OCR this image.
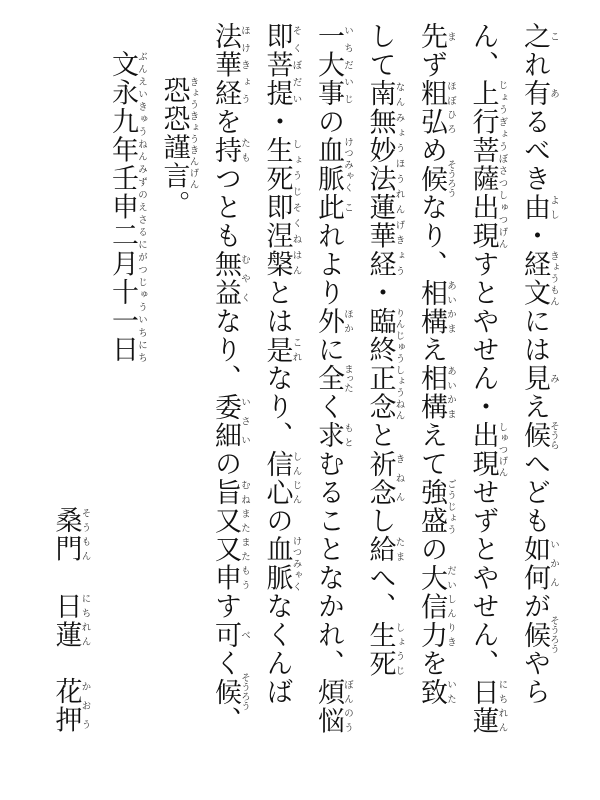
之これ有あるべき由よし・経文きょうもんには見みえ候そうらへども如何いかんが候そうろうやら
ん、上行菩薩出現じょうぎょうぼさつしゅつげんすとやせん・出現しゅつげんせずとやせん、日蓮にちれん
先まず粗弘ほぼひろめ候そうろうなり、相構あいかまえ相構あいかまえて強盛ごうじょうの大信力だいしんりきを致いた
して南無妙法蓮華経なんみょうほうれんげきょう・臨終正念りんじゅうしょうねんと祈念きねんし給たまへ、生死しょうじ
一大事いちだいじの血脈けつみゃく此これより外ほかに全まったく求もとむることなかれ、煩悩ぼんのう
即菩提そくぼだい・生死即涅槃しょうじそくねはんとは是これなり、信心しんじんの血脈けつみゃくなくんば
法華経ほけきょうを持たもつとも無益むやくなり、委細いさいの旨又又申むねまたまたもうす可べく候そうろう、
恐恐謹言きょうきょうきんげん。
文永九年壬申二月十一日ぶんえいきゅうねんみずのえさるにがつじゅういちにち
桑門そうもん　日蓮にちれん　花押かおう
